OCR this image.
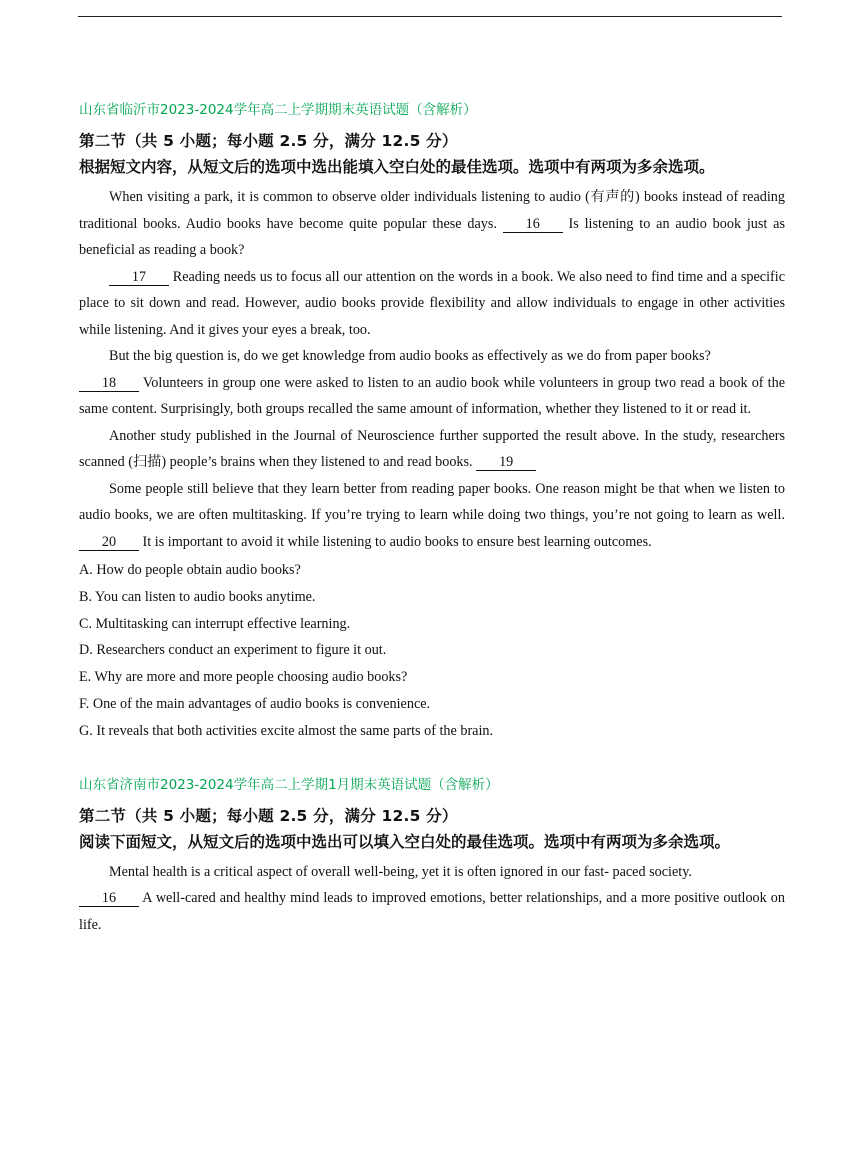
山东省临沂市2023-2024学年高二上学期期末英语试题（含解析）
第二节（共 5 小题；每小题 2.5 分，满分 12.5 分）
根据短文内容，从短文后的选项中选出能填入空白处的最佳选项。选项中有两项为多余选项。

When visiting a park, it is common to observe older individuals listening to audio (有声的) books instead of reading traditional books. Audio books have become quite popular these days. 16 Is listening to an audio book just as beneficial as reading a book?

17 Reading needs us to focus all our attention on the words in a book. We also need to find time and a specific place to sit down and read. However, audio books provide flexibility and allow individuals to engage in other activities while listening. And it gives your eyes a break, too.

But the big question is, do we get knowledge from audio books as effectively as we do from paper books?

18 Volunteers in group one were asked to listen to an audio book while volunteers in group two read a book of the same content. Surprisingly, both groups recalled the same amount of information, whether they listened to it or read it.

Another study published in the Journal of Neuroscience further supported the result above. In the study, researchers scanned (扫描) people’s brains when they listened to and read books. 19

Some people still believe that they learn better from reading paper books. One reason might be that when we listen to audio books, we are often multitasking. If you’re trying to learn while doing two things, you’re not going to learn as well. 20 It is important to avoid it while listening to audio books to ensure best learning outcomes.

A. How do people obtain audio books?
B. You can listen to audio books anytime.
C. Multitasking can interrupt effective learning.
D. Researchers conduct an experiment to figure it out.
E. Why are more and more people choosing audio books?
F. One of the main advantages of audio books is convenience.
G. It reveals that both activities excite almost the same parts of the brain.
山东省济南市2023-2024学年高二上学期1月期末英语试题（含解析）
第二节（共 5 小题；每小题 2.5 分，满分 12.5 分）
阅读下面短文，从短文后的选项中选出可以填入空白处的最佳选项。选项中有两项为多余选项。

Mental health is a critical aspect of overall well-being, yet it is often ignored in our fast- paced society.

16 A well-cared and healthy mind leads to improved emotions, better relationships, and a more positive outlook on life.
